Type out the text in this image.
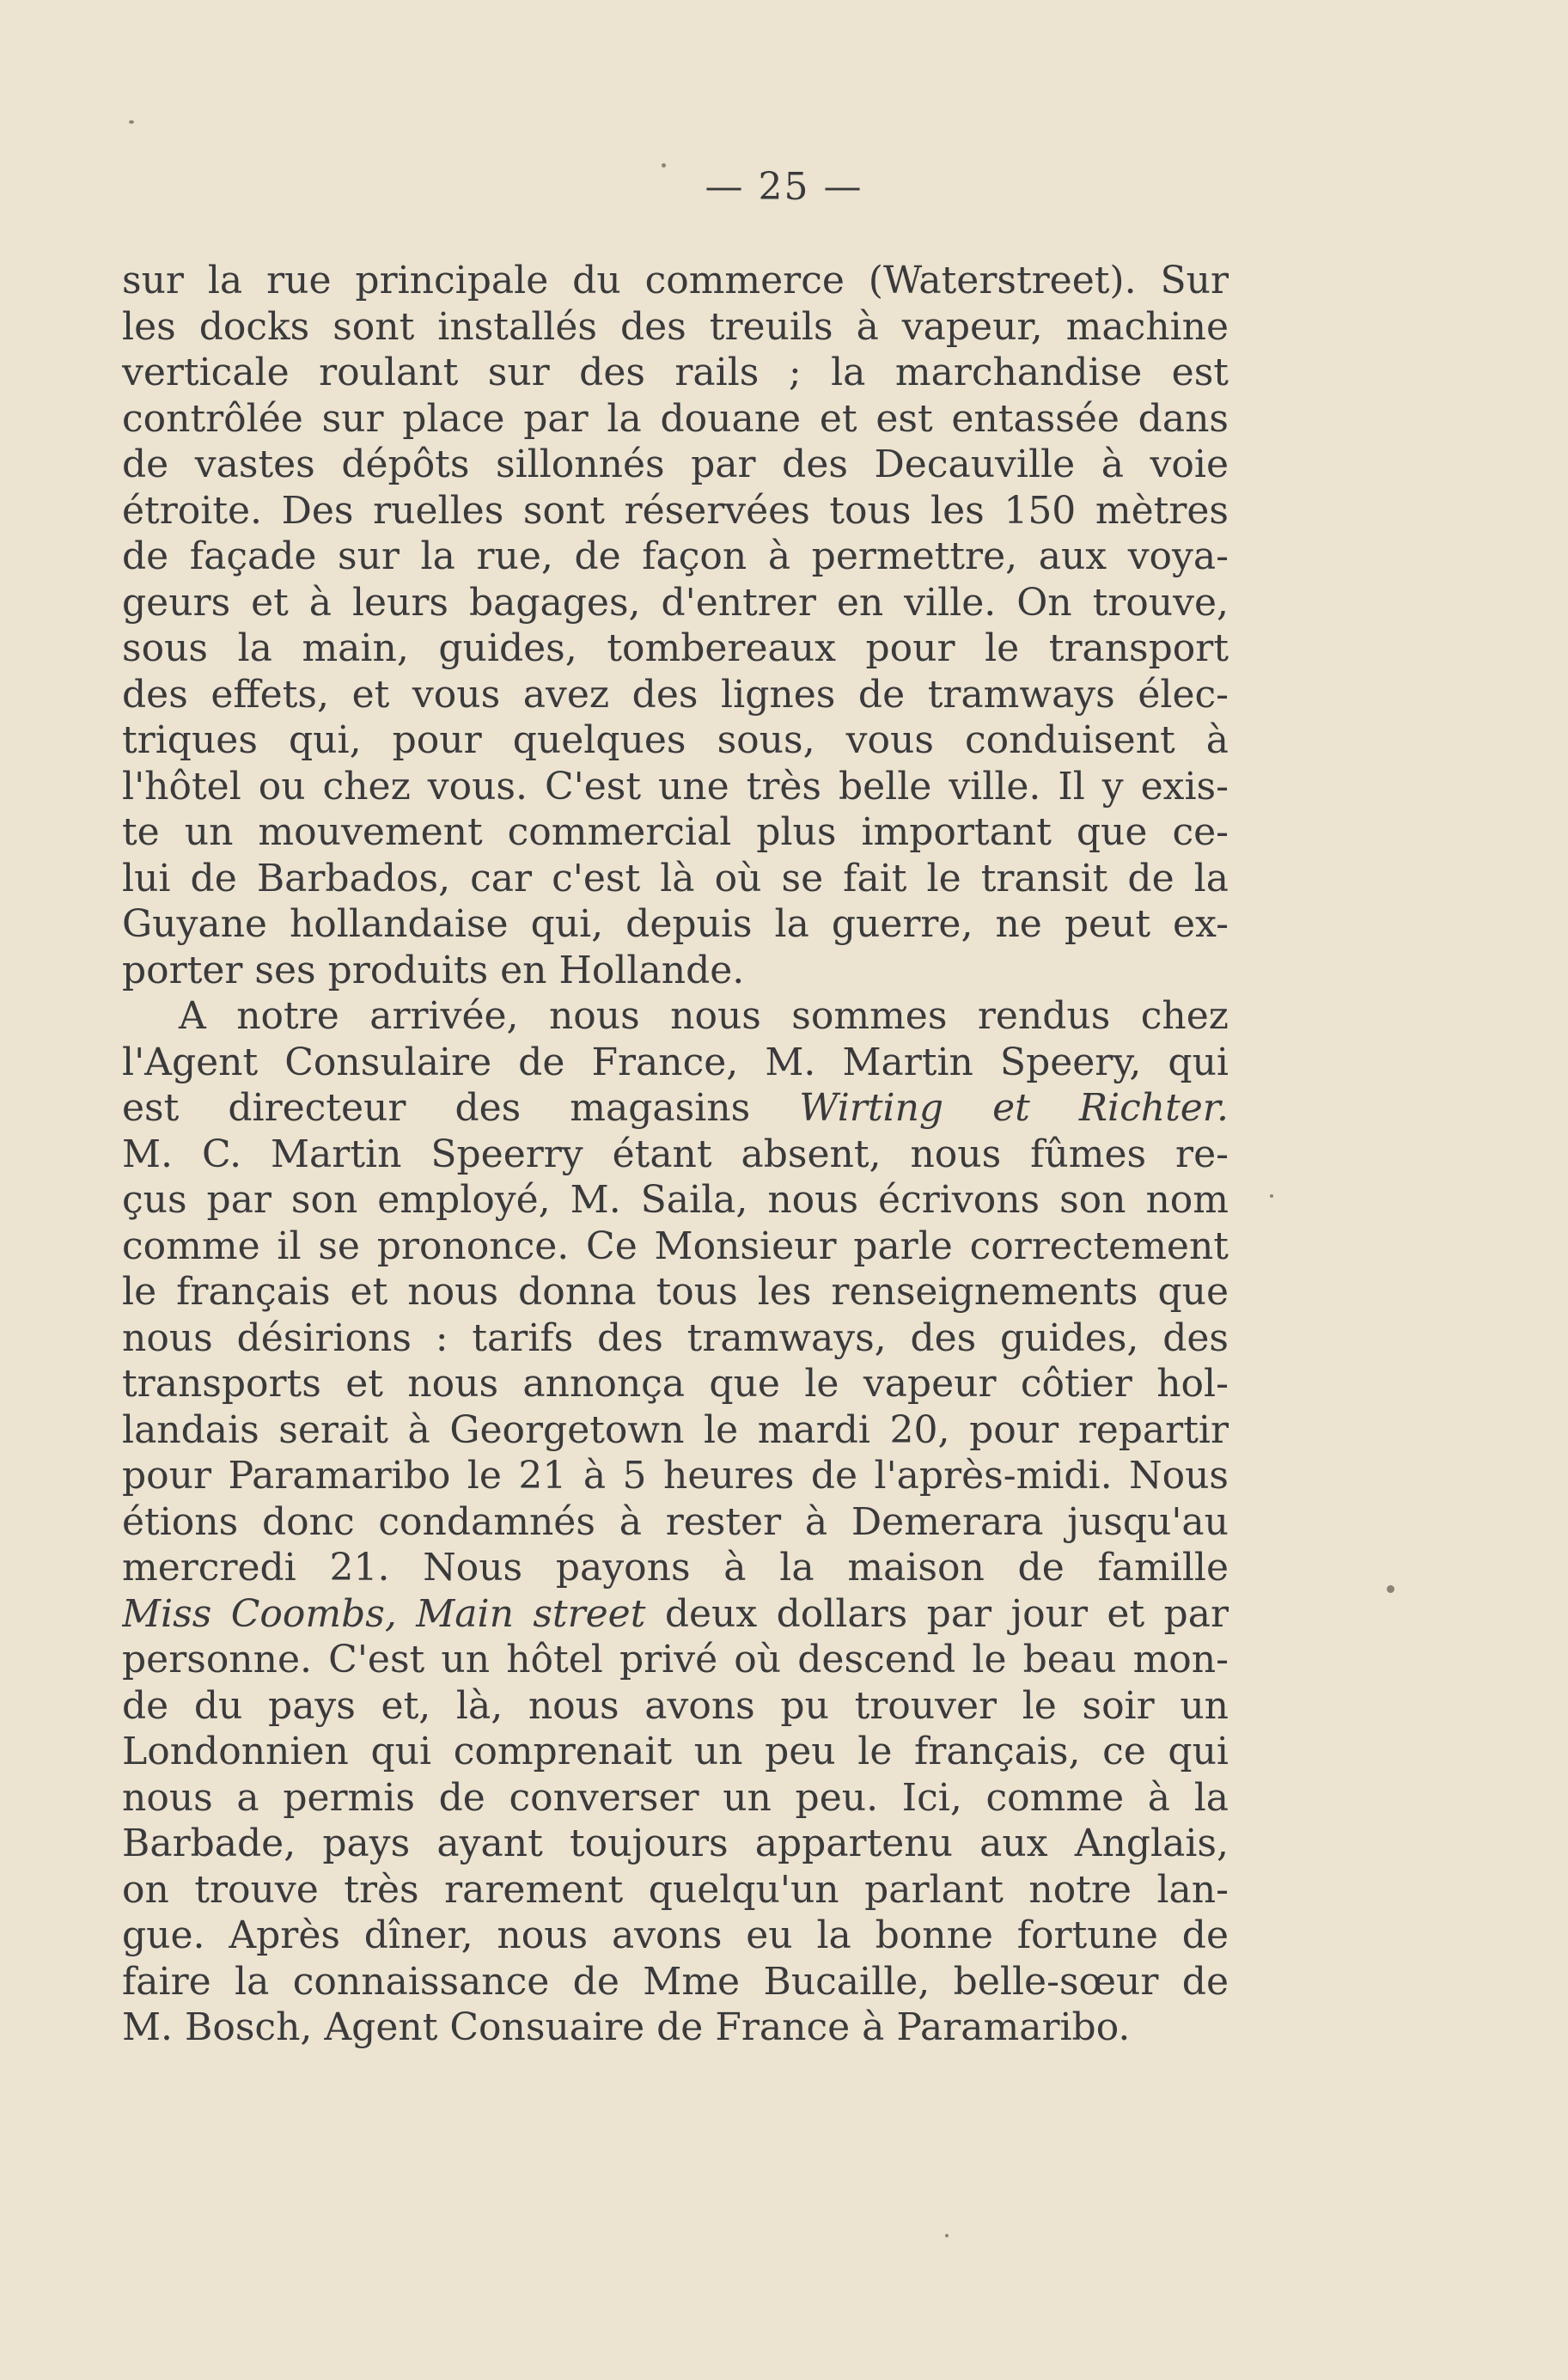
— 25 —
sur la rue principale du commerce (Waterstreet). Sur
les docks sont installés des treuils à vapeur, machine
verticale roulant sur des rails ; la marchandise est
contrôlée sur place par la douane et est entassée dans
de vastes dépôts sillonnés par des Decauville à voie
étroite. Des ruelles sont réservées tous les 150 mètres
de façade sur la rue, de façon à permettre, aux voya-
geurs et à leurs bagages, d'entrer en ville. On trouve,
sous la main, guides, tombereaux pour le transport
des effets, et vous avez des lignes de tramways élec-
triques qui, pour quelques sous, vous conduisent à
l'hôtel ou chez vous. C'est une très belle ville. Il y exis-
te un mouvement commercial plus important que ce-
lui de Barbados, car c'est là où se fait le transit de la
Guyane hollandaise qui, depuis la guerre, ne peut ex-
porter ses produits en Hollande.
A notre arrivée, nous nous sommes rendus chez
l'Agent Consulaire de France, M. Martin Speery, qui
est directeur des magasins Wirting et Richter.
M. C. Martin Speerry étant absent, nous fûmes re-
çus par son employé, M. Saila, nous écrivons son nom
comme il se prononce. Ce Monsieur parle correctement
le français et nous donna tous les renseignements que
nous désirions : tarifs des tramways, des guides, des
transports et nous annonça que le vapeur côtier hol-
landais serait à Georgetown le mardi 20, pour repartir
pour Paramaribo le 21 à 5 heures de l'après-midi. Nous
étions donc condamnés à rester à Demerara jusqu'au
mercredi 21. Nous payons à la maison de famille
Miss Coombs, Main street deux dollars par jour et par
personne. C'est un hôtel privé où descend le beau mon-
de du pays et, là, nous avons pu trouver le soir un
Londonnien qui comprenait un peu le français, ce qui
nous a permis de converser un peu. Ici, comme à la
Barbade, pays ayant toujours appartenu aux Anglais,
on trouve très rarement quelqu'un parlant notre lan-
gue. Après dîner, nous avons eu la bonne fortune de
faire la connaissance de Mme Bucaille, belle-sœur de
M. Bosch, Agent Consuaire de France à Paramaribo.
